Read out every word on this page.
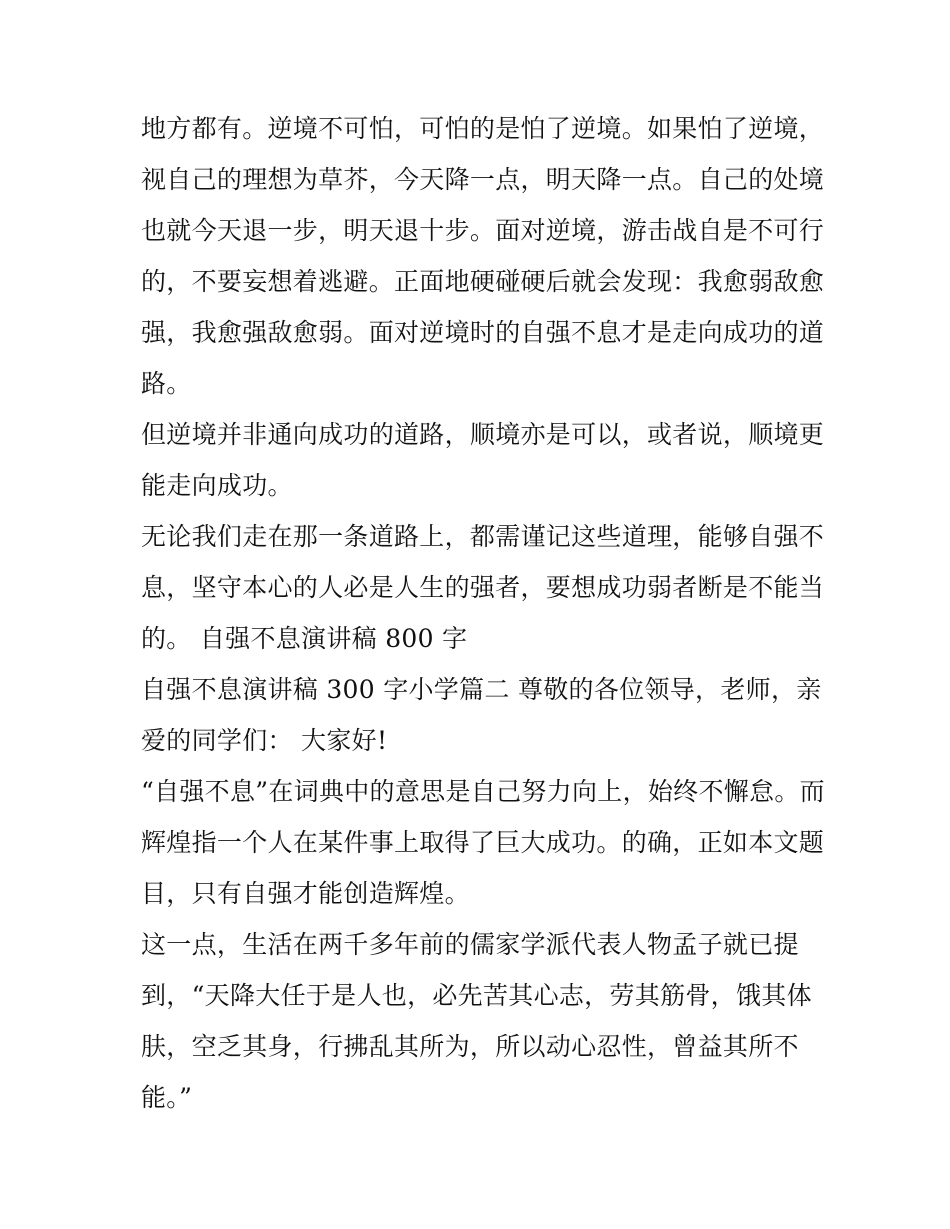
地方都有。逆境不可怕，可怕的是怕了逆境。如果怕了逆境，
视自己的理想为草芥，今天降一点，明天降一点。自己的处境
也就今天退一步，明天退十步。面对逆境，游击战自是不可行
的，不要妄想着逃避。正面地硬碰硬后就会发现：我愈弱敌愈
强，我愈强敌愈弱。面对逆境时的自强不息才是走向成功的道
路。
但逆境并非通向成功的道路，顺境亦是可以，或者说，顺境更
能走向成功。
无论我们走在那一条道路上，都需谨记这些道理，能够自强不
息，坚守本心的人必是人生的强者，要想成功弱者断是不能当
的。 自强不息演讲稿 800 字
自强不息演讲稿 300 字小学篇二 尊敬的各位领导，老师，亲
爱的同学们： 大家好!
“自强不息”在词典中的意思是自己努力向上，始终不懈怠。而
辉煌指一个人在某件事上取得了巨大成功。的确，正如本文题
目，只有自强才能创造辉煌。
这一点，生活在两千多年前的儒家学派代表人物孟子就已提
到，“天降大任于是人也，必先苦其心志，劳其筋骨，饿其体
肤，空乏其身，行拂乱其所为，所以动心忍性，曾益其所不
能。”
